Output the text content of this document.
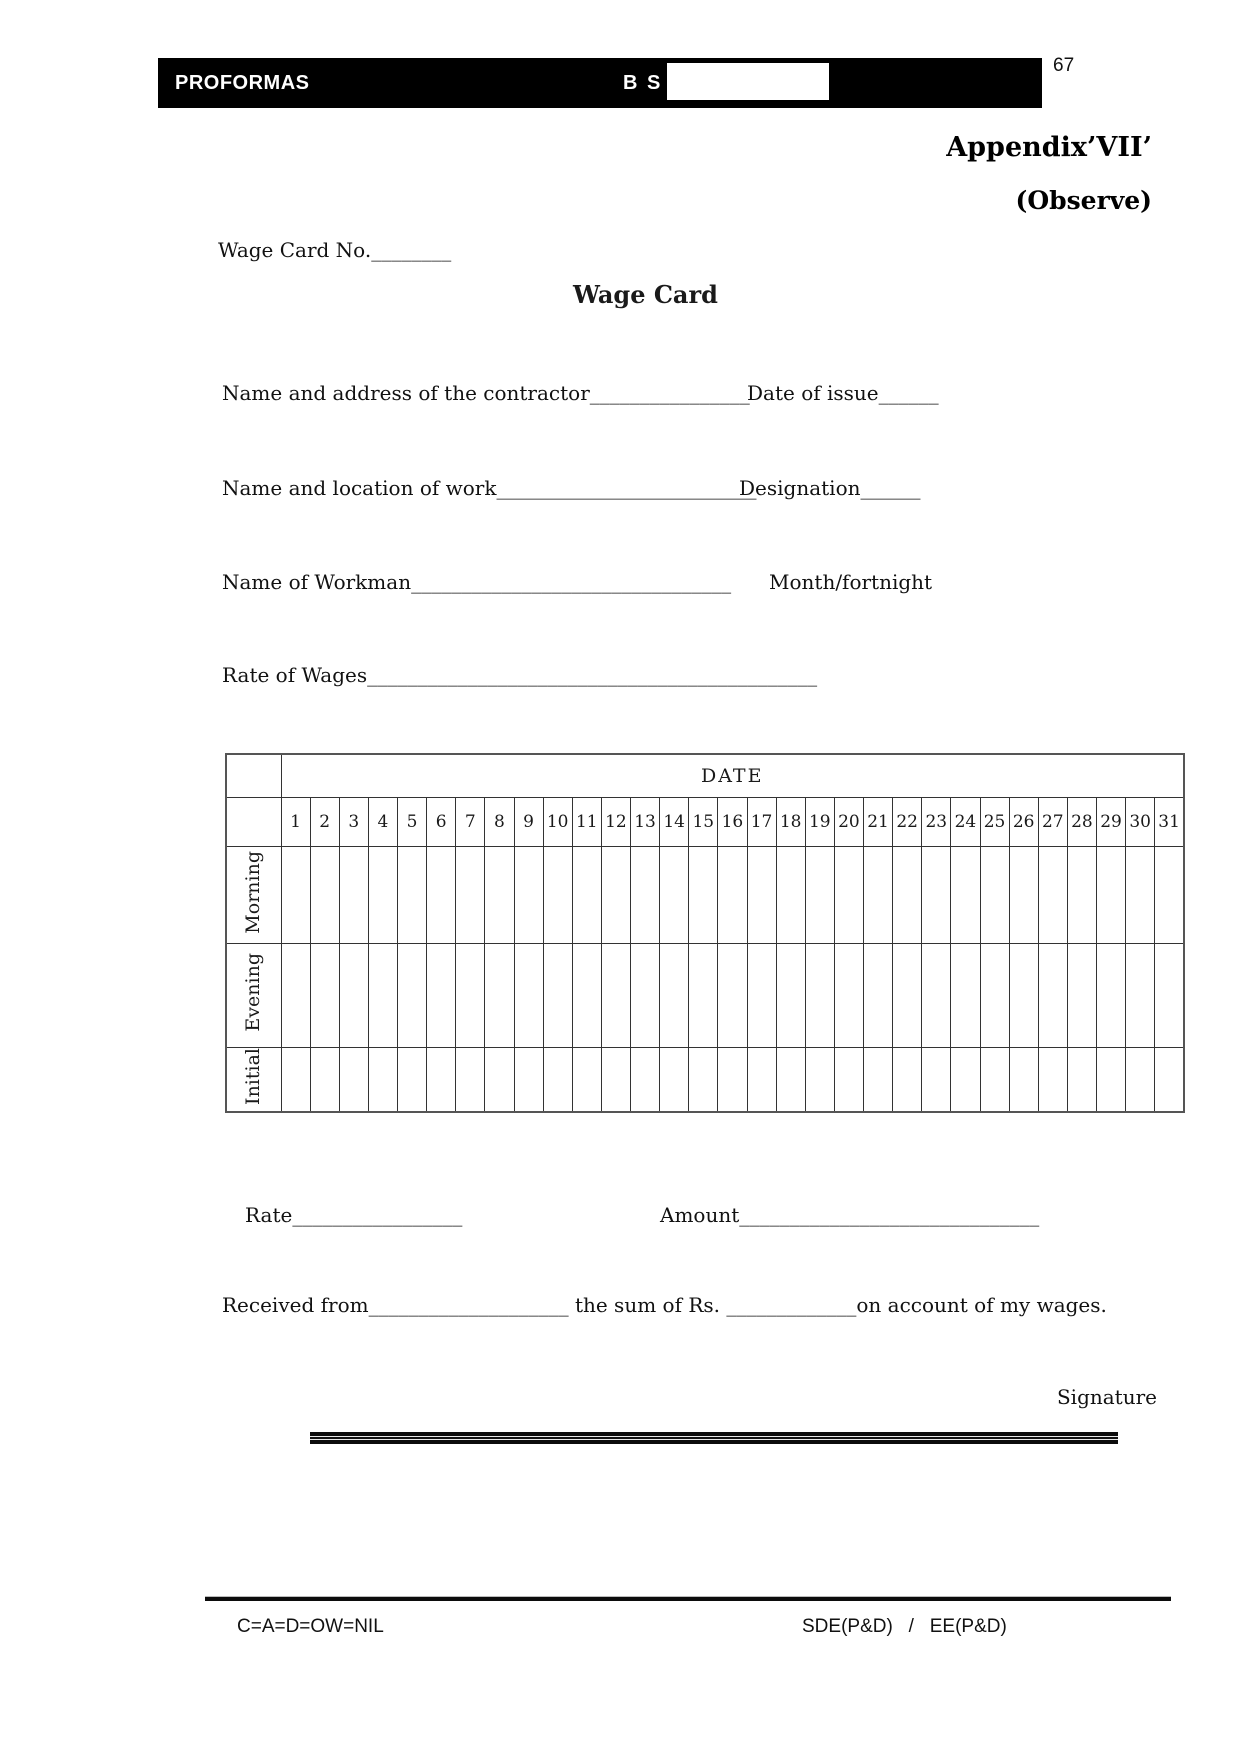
PROFORMAS	B S
67
Appendix’VII’
(Observe)
Wage Card No.________
Wage Card
Name and address of the contractor________________
Date of issue______
Name and location of work__________________________
Designation______
Name of Workman________________________________ Month/fortnight
Rate of Wages_____________________________________________
	DATE																														
	1	2	3	4	5	6	7	8	9	10	11	12	13	14	15	16	17	18	19	20	21	22	23	24	25	26	27	28	29	30	31
Morning																															
Evening																															
Initial																															
Rate_________________	Amount______________________________
Received from____________________ the sum of Rs. _____________on account of my wages.
Signature
C=A=D=OW=NIL	SDE(P&D)   /   EE(P&D)
